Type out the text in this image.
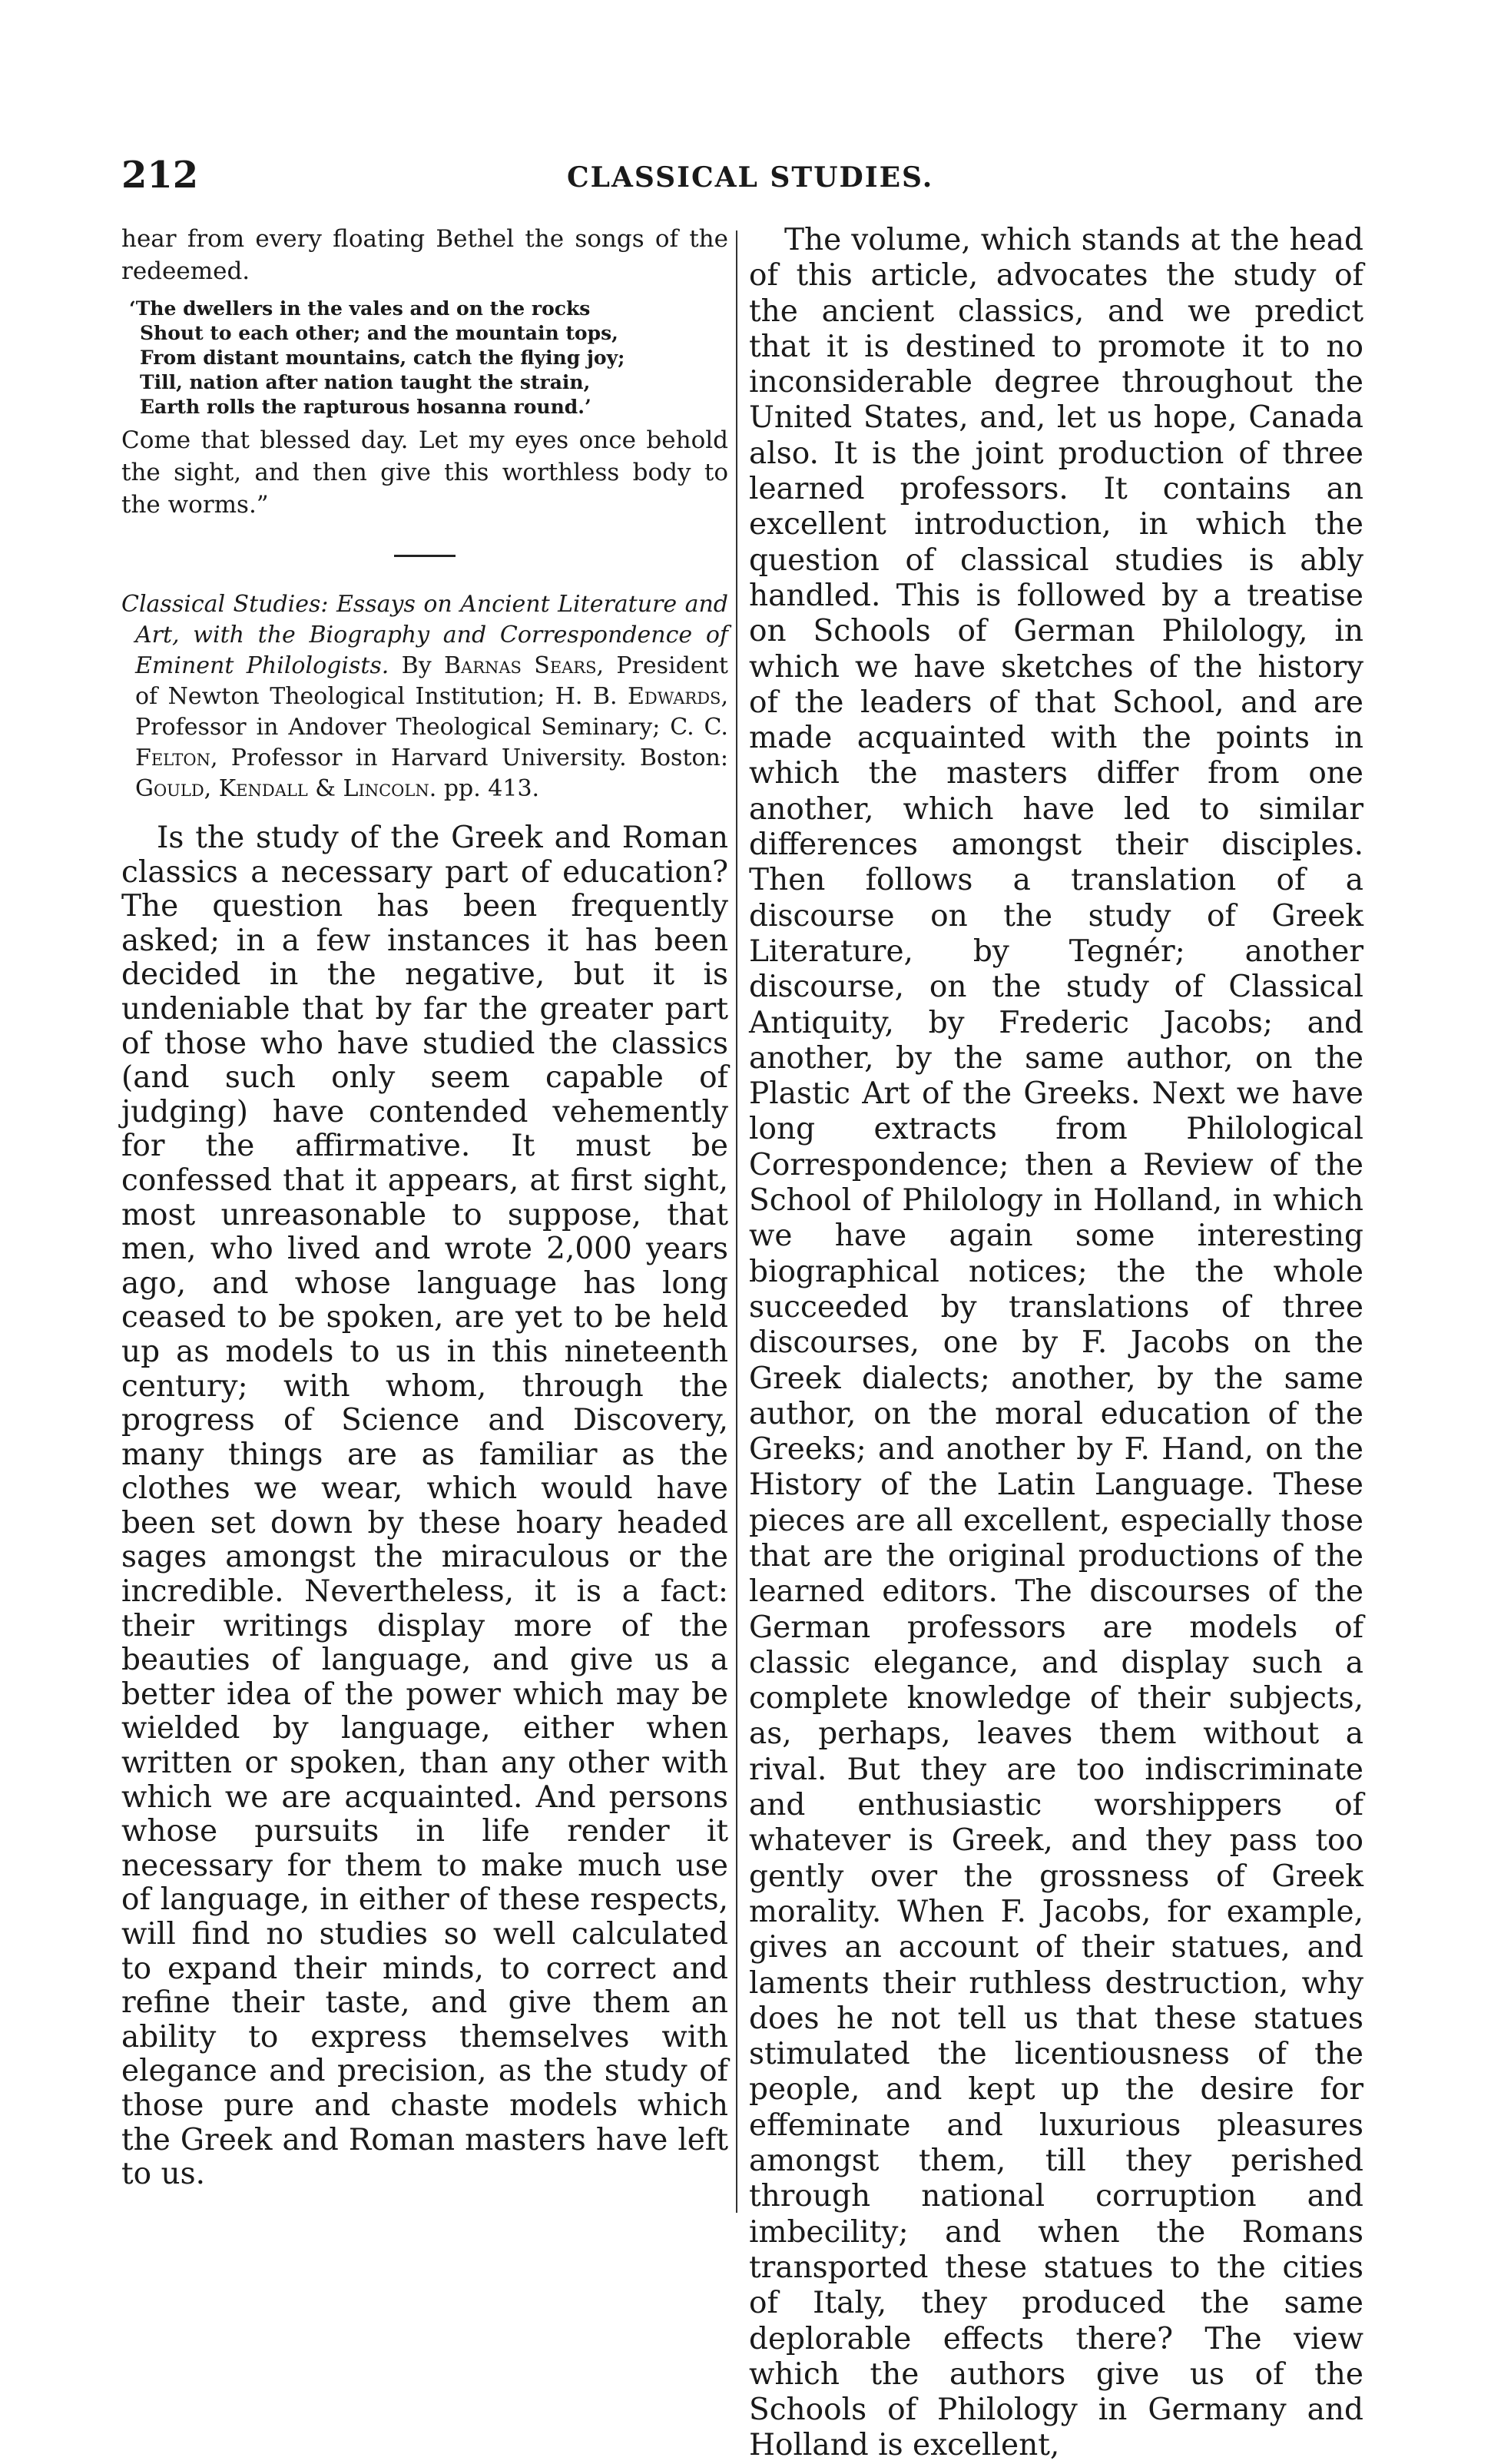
212	CLASSICAL STUDIES.

hear from every floating Bethel the songs of the redeemed.

‘The dwellers in the vales and on the rocks
Shout to each other; and the mountain tops,
From distant mountains, catch the flying joy;
Till, nation after nation taught the strain,
Earth rolls the rapturous hosanna round.’

Come that blessed day. Let my eyes once behold the sight, and then give this worthless body to the worms.”

Classical Studies: Essays on Ancient Literature and Art, with the Biography and Correspondence of Eminent Philologists. By Barnas Sears, President of Newton Theological Institution; H. B. Edwards, Professor in Andover Theological Seminary; C. C. Felton, Professor in Harvard University. Boston: Gould, Kendall & Lincoln. pp. 413.

Is the study of the Greek and Roman classics a necessary part of education? The question has been frequently asked; in a few instances it has been decided in the negative, but it is undeniable that by far the greater part of those who have studied the classics (and such only seem capable of judging) have contended vehemently for the affirmative. It must be confessed that it appears, at first sight, most unreasonable to suppose, that men, who lived and wrote 2,000 years ago, and whose language has long ceased to be spoken, are yet to be held up as models to us in this nineteenth century; with whom, through the progress of Science and Discovery, many things are as familiar as the clothes we wear, which would have been set down by these hoary headed sages amongst the miraculous or the incredible. Nevertheless, it is a fact: their writings display more of the beauties of language, and give us a better idea of the power which may be wielded by language, either when written or spoken, than any other with which we are acquainted. And persons whose pursuits in life render it necessary for them to make much use of language, in either of these respects, will find no studies so well calculated to expand their minds, to correct and refine their taste, and give them an ability to express themselves with elegance and precision, as the study of those pure and chaste models which the Greek and Roman masters have left to us.

The volume, which stands at the head of this article, advocates the study of the ancient classics, and we predict that it is destined to promote it to no inconsiderable degree throughout the United States, and, let us hope, Canada also. It is the joint production of three learned professors. It contains an excellent introduction, in which the question of classical studies is ably handled. This is followed by a treatise on Schools of German Philology, in which we have sketches of the history of the leaders of that School, and are made acquainted with the points in which the masters differ from one another, which have led to similar differences amongst their disciples. Then follows a translation of a discourse on the study of Greek Literature, by Tegnér; another discourse, on the study of Classical Antiquity, by Frederic Jacobs; and another, by the same author, on the Plastic Art of the Greeks. Next we have long extracts from Philological Correspondence; then a Review of the School of Philology in Holland, in which we have again some interesting biographical notices; the the whole succeeded by translations of three discourses, one by F. Jacobs on the Greek dialects; another, by the same author, on the moral education of the Greeks; and another by F. Hand, on the History of the Latin Language. These pieces are all excellent, especially those that are the original productions of the learned editors. The discourses of the German professors are models of classic elegance, and display such a complete knowledge of their subjects, as, perhaps, leaves them without a rival. But they are too indiscriminate and enthusiastic worshippers of whatever is Greek, and they pass too gently over the grossness of Greek morality. When F. Jacobs, for example, gives an account of their statues, and laments their ruthless destruction, why does he not tell us that these statues stimulated the licentiousness of the people, and kept up the desire for effeminate and luxurious pleasures amongst them, till they perished through national corruption and imbecility; and when the Romans transported these statues to the cities of Italy, they produced the same deplorable effects there? The view which the authors give us of the Schools of Philology in Germany and Holland is excellent,
